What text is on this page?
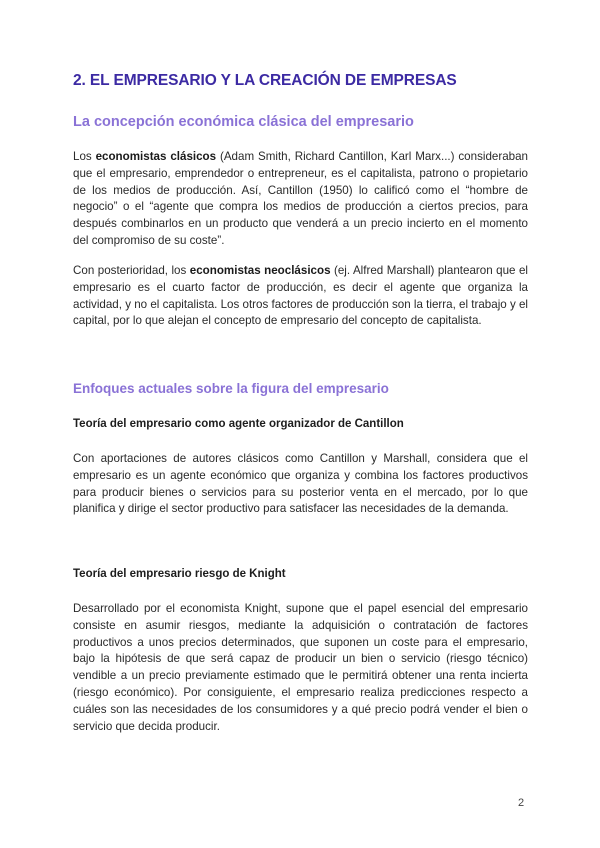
2. EL EMPRESARIO Y LA CREACIÓN DE EMPRESAS
La concepción económica clásica del empresario

Los economistas clásicos (Adam Smith, Richard Cantillon, Karl Marx...) consideraban que el empresario, emprendedor o entrepreneur, es el capitalista, patrono o propietario de los medios de producción. Así, Cantillon (1950) lo calificó como el “hombre de negocio” o el “agente que compra los medios de producción a ciertos precios, para después combinarlos en un producto que venderá a un precio incierto en el momento del compromiso de su coste”.

Con posterioridad, los economistas neoclásicos (ej. Alfred Marshall) plantearon que el empresario es el cuarto factor de producción, es decir el agente que organiza la actividad, y no el capitalista. Los otros factores de producción son la tierra, el trabajo y el capital, por lo que alejan el concepto de empresario del concepto de capitalista.

Enfoques actuales sobre la figura del empresario
Teoría del empresario como agente organizador de Cantillon

Con aportaciones de autores clásicos como Cantillon y Marshall, considera que el empresario es un agente económico que organiza y combina los factores productivos para producir bienes o servicios para su posterior venta en el mercado, por lo que planifica y dirige el sector productivo para satisfacer las necesidades de la demanda.

Teoría del empresario riesgo de Knight

Desarrollado por el economista Knight, supone que el papel esencial del empresario consiste en asumir riesgos, mediante la adquisición o contratación de factores productivos a unos precios determinados, que suponen un coste para el empresario, bajo la hipótesis de que será capaz de producir un bien o servicio (riesgo técnico) vendible a un precio previamente estimado que le permitirá obtener una renta incierta (riesgo económico). Por consiguiente, el empresario realiza predicciones respecto a cuáles son las necesidades de los consumidores y a qué precio podrá vender el bien o servicio que decida producir.

2
